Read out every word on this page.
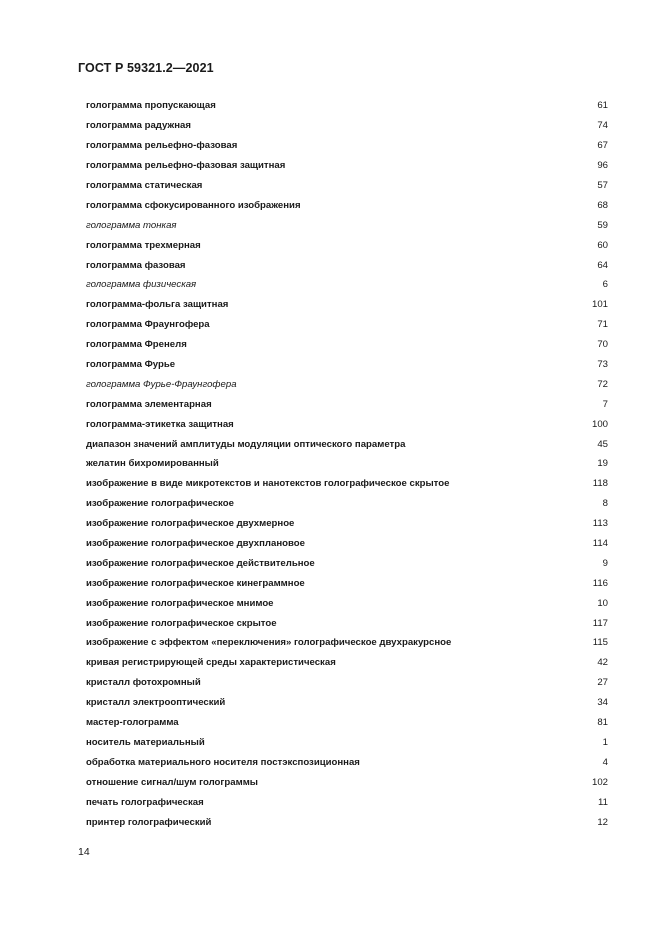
ГОСТ Р 59321.2—2021
голограмма пропускающая	61
голограмма радужная	74
голограмма рельефно-фазовая	67
голограмма рельефно-фазовая защитная	96
голограмма статическая	57
голограмма сфокусированного изображения	68
голограмма тонкая	59
голограмма трехмерная	60
голограмма фазовая	64
голограмма физическая	6
голограмма-фольга защитная	101
голограмма Фраунгофера	71
голограмма Френеля	70
голограмма Фурье	73
голограмма Фурье-Фраунгофера	72
голограмма элементарная	7
голограмма-этикетка защитная	100
диапазон значений амплитуды модуляции оптического параметра	45
желатин бихромированный	19
изображение в виде микротекстов и нанотекстов голографическое скрытое	118
изображение голографическое	8
изображение голографическое двухмерное	113
изображение голографическое двухплановое	114
изображение голографическое действительное	9
изображение голографическое кинеграммное	116
изображение голографическое мнимое	10
изображение голографическое скрытое	117
изображение с эффектом «переключения» голографическое двухракурсное	115
кривая регистрирующей среды характеристическая	42
кристалл фотохромный	27
кристалл электрооптический	34
мастер-голограмма	81
носитель материальный	1
обработка материального носителя постэкспозиционная	4
отношение сигнал/шум голограммы	102
печать голографическая	11
принтер голографический	12
14
